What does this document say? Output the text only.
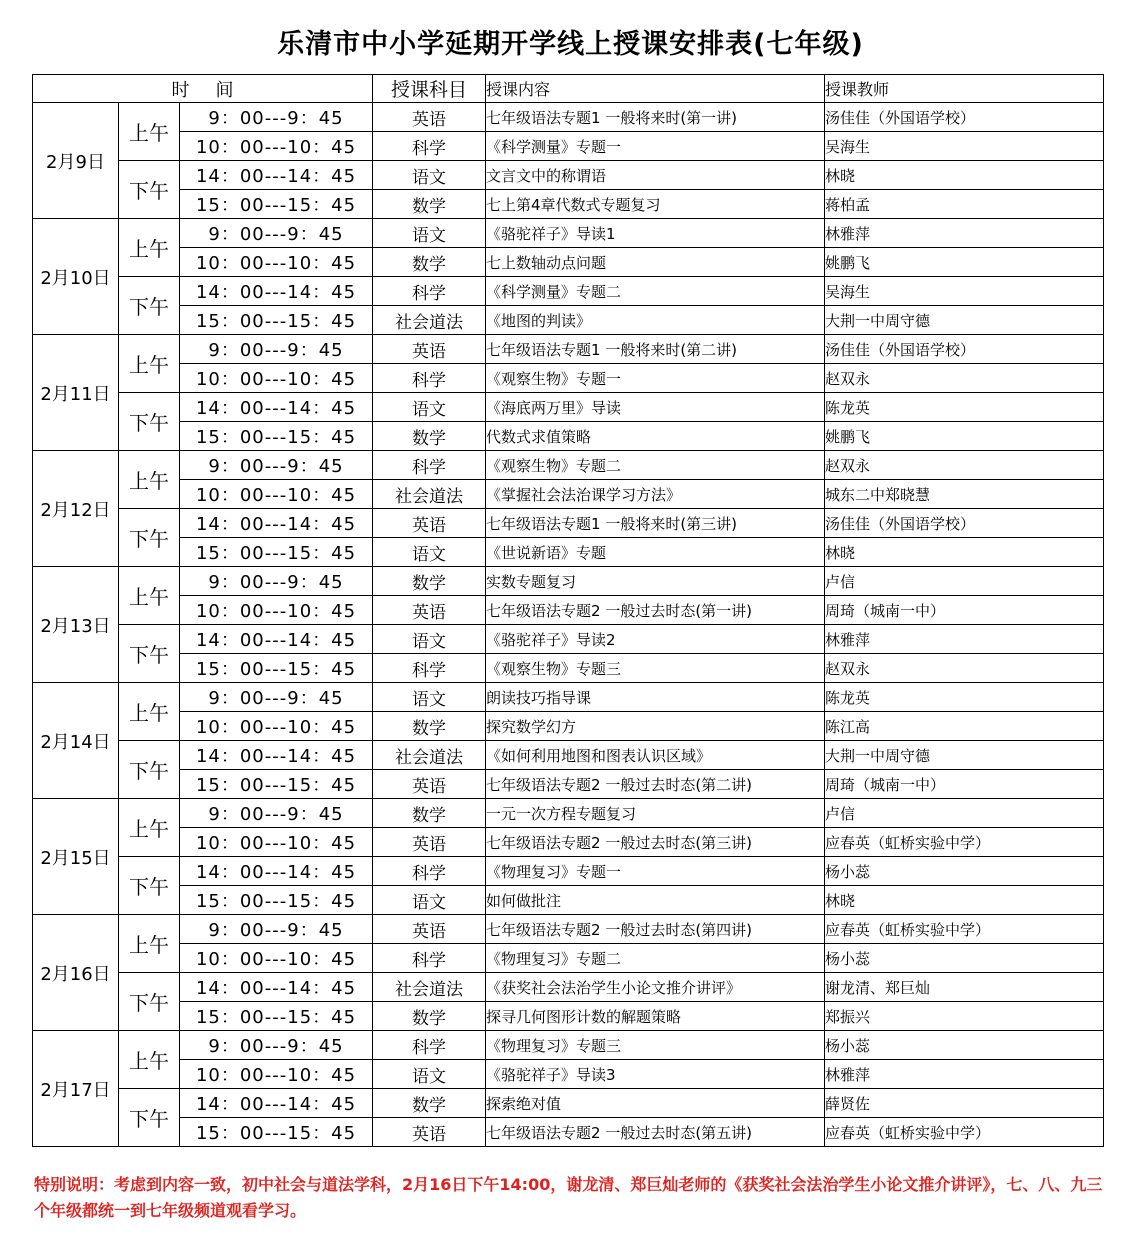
乐清市中小学延期开学线上授课安排表(七年级)
时间			授课科目	授课内容	授课教师
2月9日	上午	9：00---9：45	英语	七年级语法专题1 一般将来时(第一讲)	汤佳佳（外国语学校）
		10：00---10：45	科学	《科学测量》专题一	吴海生
	下午	14：00---14：45	语文	文言文中的称谓语	林晓
		15：00---15：45	数学	七上第4章代数式专题复习	蒋柏孟
2月10日	上午	9：00---9：45	语文	《骆驼祥子》导读1	林雅萍
		10：00---10：45	数学	七上数轴动点问题	姚鹏飞
	下午	14：00---14：45	科学	《科学测量》专题二	吴海生
		15：00---15：45	社会道法	《地图的判读》	大荆一中周守德
2月11日	上午	9：00---9：45	英语	七年级语法专题1 一般将来时(第二讲)	汤佳佳（外国语学校）
		10：00---10：45	科学	《观察生物》专题一	赵双永
	下午	14：00---14：45	语文	《海底两万里》导读	陈龙英
		15：00---15：45	数学	代数式求值策略	姚鹏飞
2月12日	上午	9：00---9：45	科学	《观察生物》专题二	赵双永
		10：00---10：45	社会道法	《掌握社会法治课学习方法》	城东二中郑晓慧
	下午	14：00---14：45	英语	七年级语法专题1 一般将来时(第三讲)	汤佳佳（外国语学校）
		15：00---15：45	语文	《世说新语》专题	林晓
2月13日	上午	9：00---9：45	数学	实数专题复习	卢信
		10：00---10：45	英语	七年级语法专题2 一般过去时态(第一讲)	周琦（城南一中）
	下午	14：00---14：45	语文	《骆驼祥子》导读2	林雅萍
		15：00---15：45	科学	《观察生物》专题三	赵双永
2月14日	上午	9：00---9：45	语文	朗读技巧指导课	陈龙英
		10：00---10：45	数学	探究数学幻方	陈江高
	下午	14：00---14：45	社会道法	《如何利用地图和图表认识区域》	大荆一中周守德
		15：00---15：45	英语	七年级语法专题2 一般过去时态(第二讲)	周琦（城南一中）
2月15日	上午	9：00---9：45	数学	一元一次方程专题复习	卢信
		10：00---10：45	英语	七年级语法专题2 一般过去时态(第三讲)	应春英（虹桥实验中学）
	下午	14：00---14：45	科学	《物理复习》专题一	杨小蕊
		15：00---15：45	语文	如何做批注	林晓
2月16日	上午	9：00---9：45	英语	七年级语法专题2 一般过去时态(第四讲)	应春英（虹桥实验中学）
		10：00---10：45	科学	《物理复习》专题二	杨小蕊
	下午	14：00---14：45	社会道法	《获奖社会法治学生小论文推介讲评》	谢龙清、郑巨灿
		15：00---15：45	数学	探寻几何图形计数的解题策略	郑振兴
2月17日	上午	9：00---9：45	科学	《物理复习》专题三	杨小蕊
		10：00---10：45	语文	《骆驼祥子》导读3	林雅萍
	下午	14：00---14：45	数学	探索绝对值	薛贤佐
		15：00---15：45	英语	七年级语法专题2 一般过去时态(第五讲)	应春英（虹桥实验中学）
特别说明：考虑到内容一致，初中社会与道法学科，2月16日下午14:00，谢龙清、郑巨灿老师的《获奖社会法治学生小论文推介讲评》，七、八、九三个年级都统一到七年级频道观看学习。
